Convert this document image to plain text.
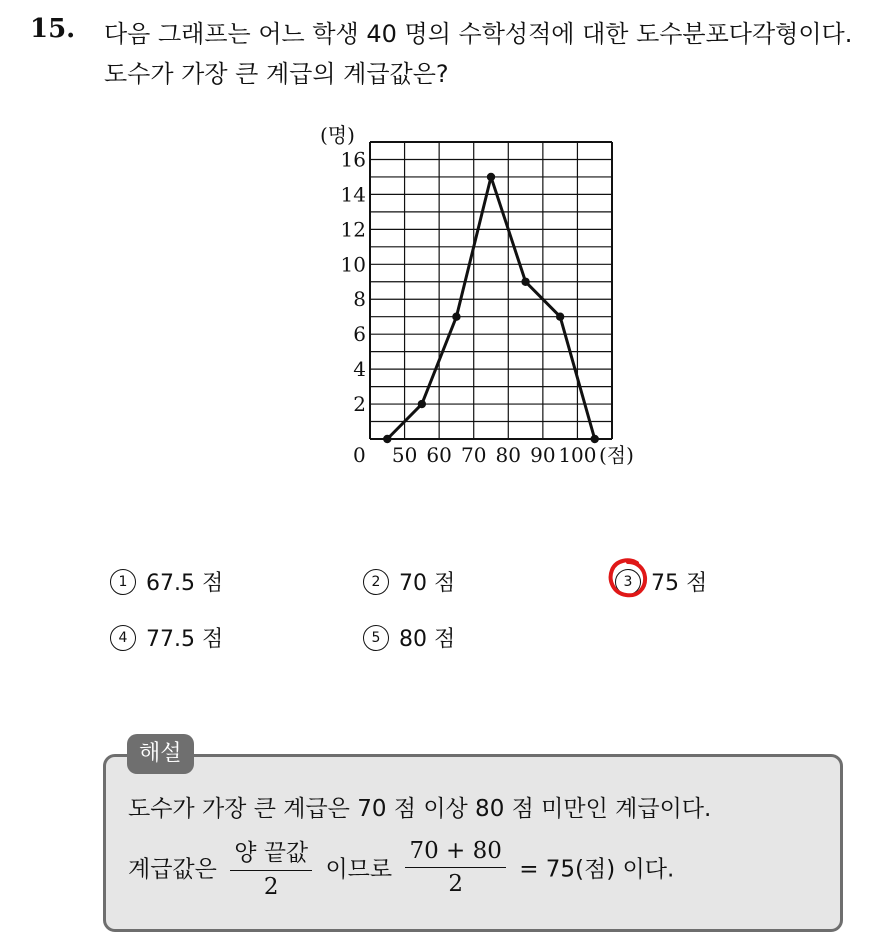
15. 다음 그래프는 어느 학생 40 명의 수학성적에 대한 도수분포다각형이다. 도수가 가장 큰 계급의 계급값은?
2
4
6
8
10
12
14
16
50 60 70 80 90 100
(명)
0	(점)
1 67.5 점	2 70 점	3 75 점
4 77.5 점	5 80 점
해설
도수가 가장 큰 계급은 70 점 이상 80 점 미만인 계급이다.
계급값은 $\frac{\text{양 끝값}}{2}$ 이므로 $\frac{70 + 80}{2} = 75$(점) 이다.
